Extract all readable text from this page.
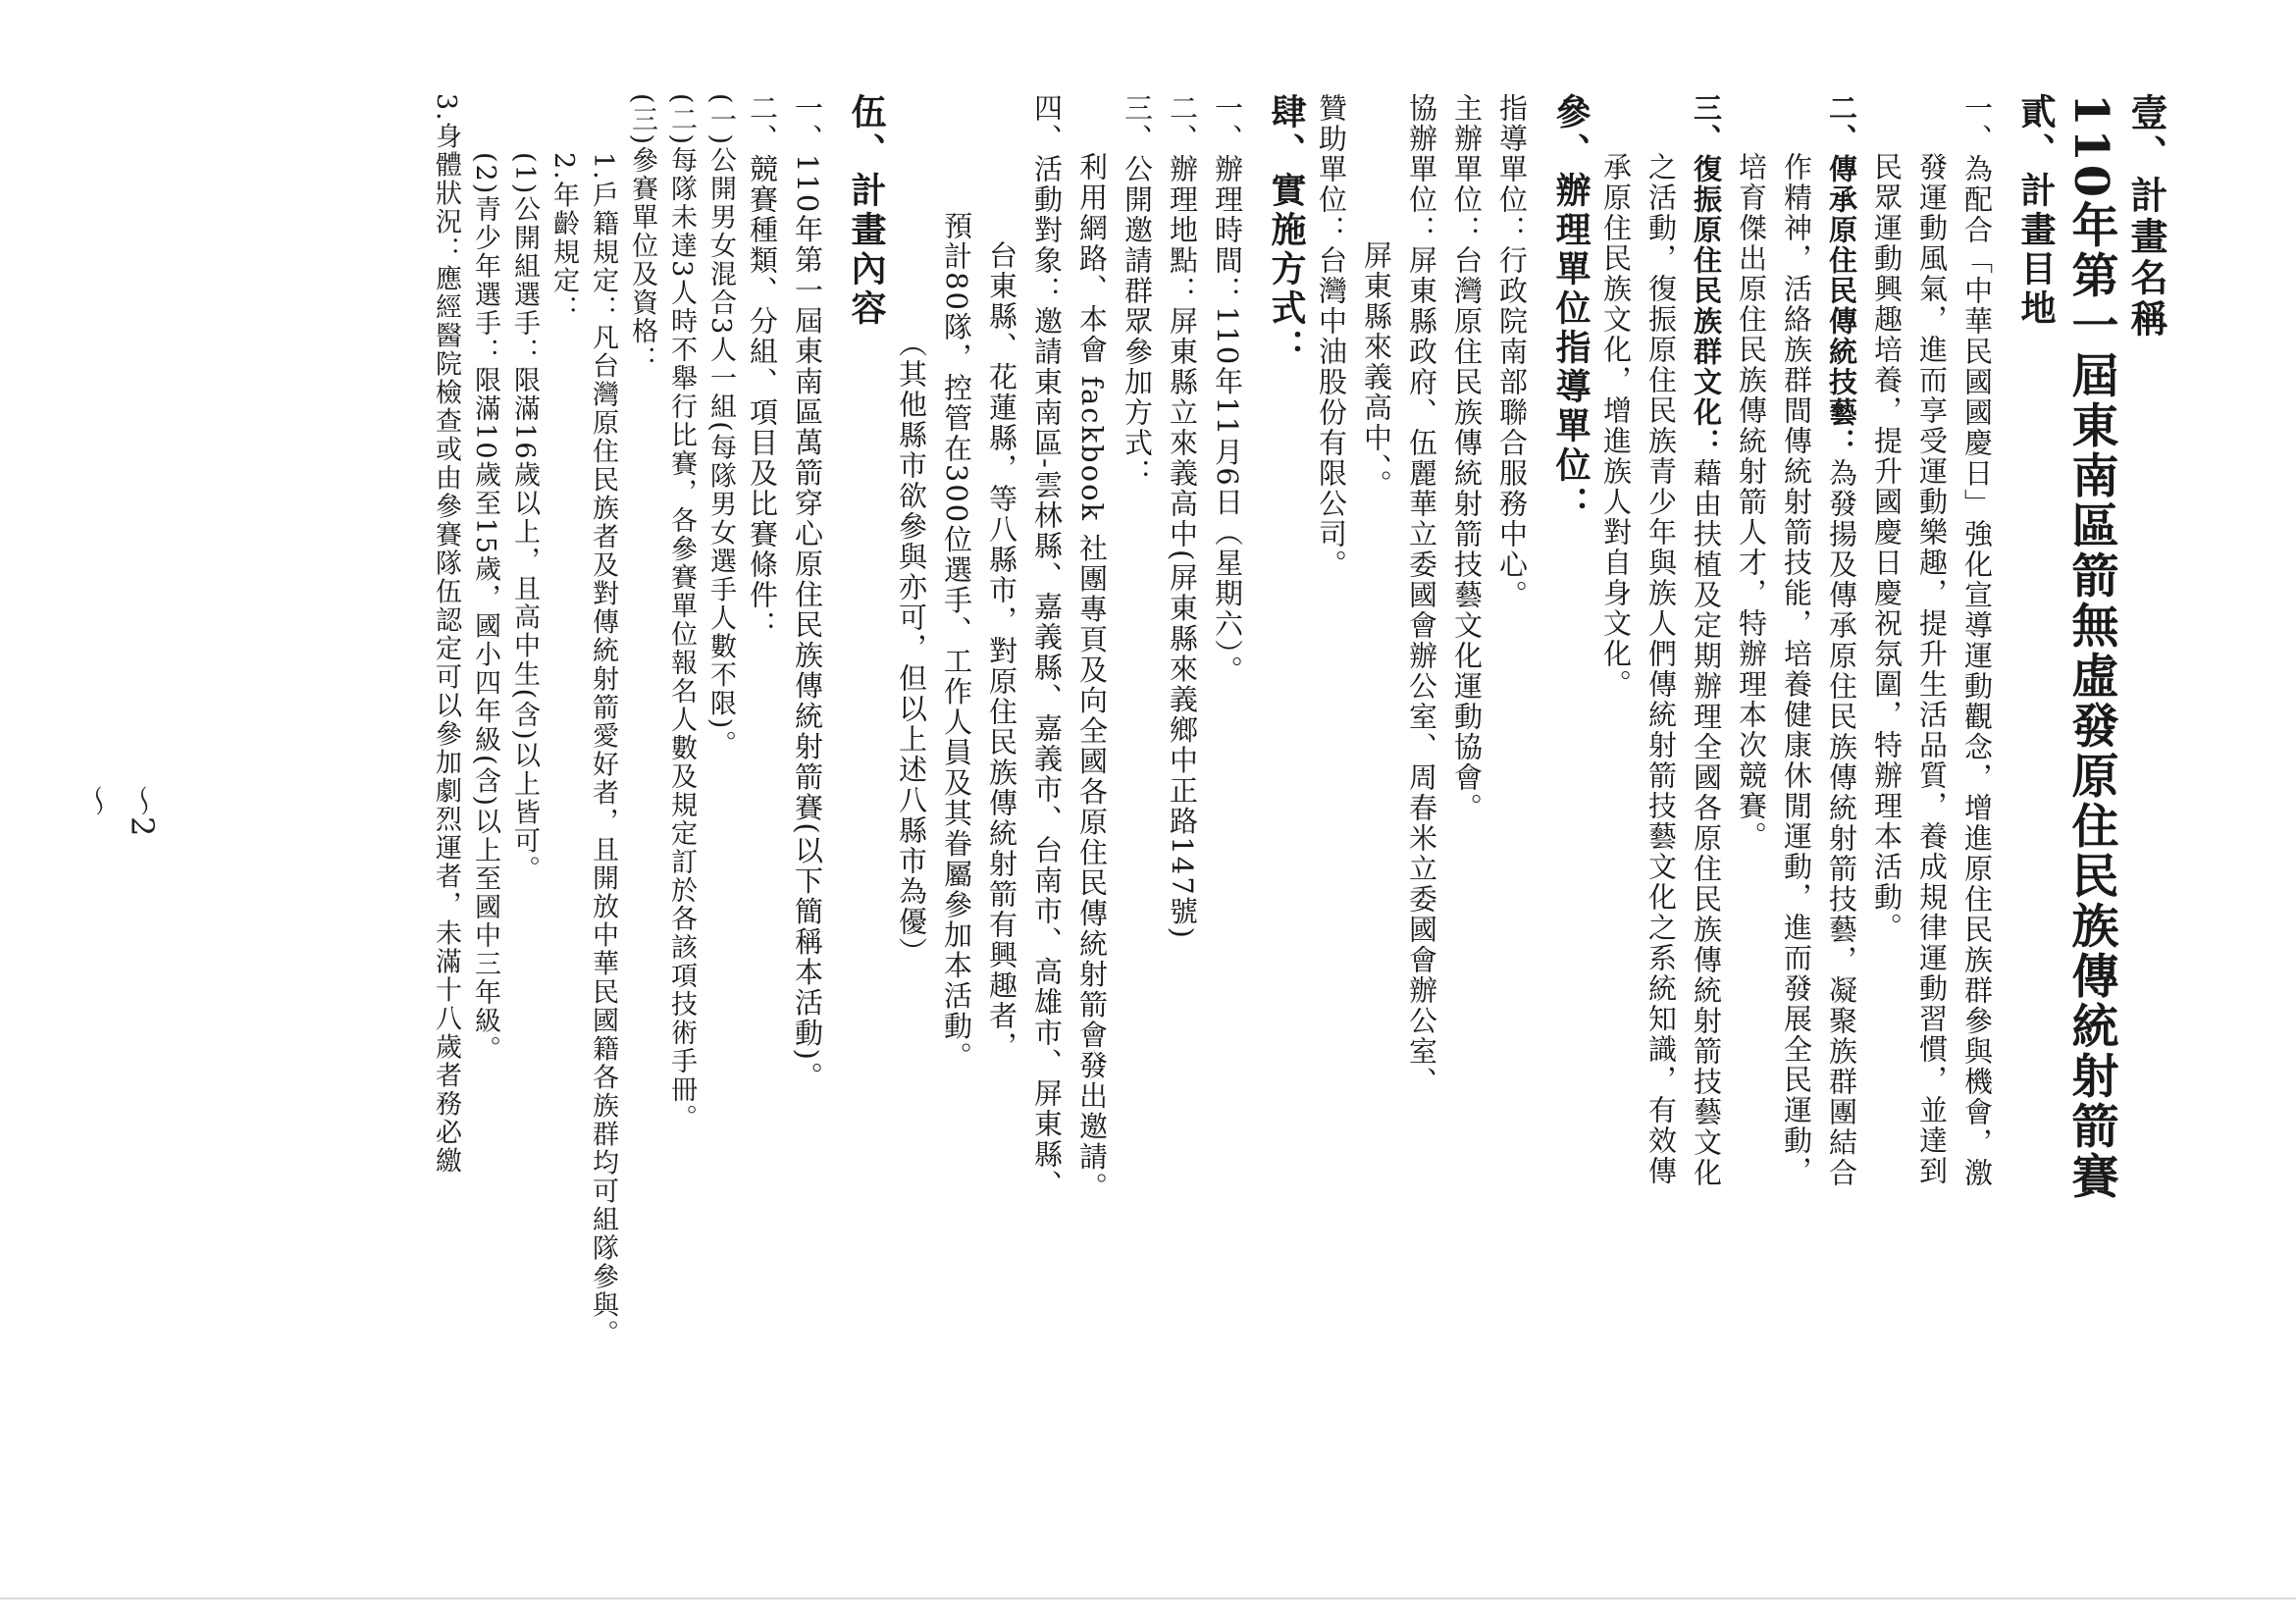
壹、計畫名稱
110年第一屆東南區箭無虛發原住民族傳統射箭賽
貳、計畫目地
一、為配合「中華民國國慶日」強化宣導運動觀念，增進原住民族群參與機會，激
發運動風氣，進而享受運動樂趣，提升生活品質，養成規律運動習慣，並達到
民眾運動興趣培養，提升國慶日慶祝氛圍，特辦理本活動。
二、傳承原住民傳統技藝：為發揚及傳承原住民族傳統射箭技藝，凝聚族群團結合
作精神，活絡族群間傳統射箭技能，培養健康休閒運動，進而發展全民運動，
培育傑出原住民族傳統射箭人才，特辦理本次競賽。
三、復振原住民族群文化：藉由扶植及定期辦理全國各原住民族傳統射箭技藝文化
之活動，復振原住民族青少年與族人們傳統射箭技藝文化之系統知識，有效傳
承原住民族文化，增進族人對自身文化。
參、辦理單位指導單位：
指導單位：行政院南部聯合服務中心。
主辦單位：台灣原住民族傳統射箭技藝文化運動協會。
協辦單位：屏東縣政府、伍麗華立委國會辦公室、周春米立委國會辦公室、
屏東縣來義高中、。
贊助單位：台灣中油股份有限公司。
肆、實施方式：
一、辦理時間：110年11月6日（星期六）。
二、辦理地點：屏東縣立來義高中(屏東縣來義鄉中正路147號)
三、公開邀請群眾參加方式：
利用網路、本會 fackbook 社團專頁及向全國各原住民傳統射箭會發出邀請。
四、活動對象：邀請東南區-雲林縣、嘉義縣、嘉義市、台南市、高雄市、屏東縣、
台東縣、花蓮縣，等八縣市，對原住民族傳統射箭有興趣者，
預計80隊，控管在300位選手、工作人員及其眷屬參加本活動。
（其他縣市欲參與亦可，但以上述八縣市為優）
伍、計畫內容
一、110年第一屆東南區萬箭穿心原住民族傳統射箭賽(以下簡稱本活動)。
二、競賽種類、分組、項目及比賽條件：
(一)公開男女混合3人一組(每隊男女選手人數不限)。
(二)每隊未達3人時不舉行比賽，各參賽單位報名人數及規定訂於各該項技術手冊。
(三)參賽單位及資格：
1.戶籍規定：凡台灣原住民族者及對傳統射箭愛好者，且開放中華民國籍各族群均可組隊參與。
2.年齡規定：
(1)公開組選手：限滿16歲以上，且高中生(含)以上皆可。
(2)青少年選手：限滿10歲至15歲，國小四年級(含)以上至國中三年級。
3.身體狀況：應經醫院檢查或由參賽隊伍認定可以參加劇烈運者，未滿十八歲者務必繳
～2～
